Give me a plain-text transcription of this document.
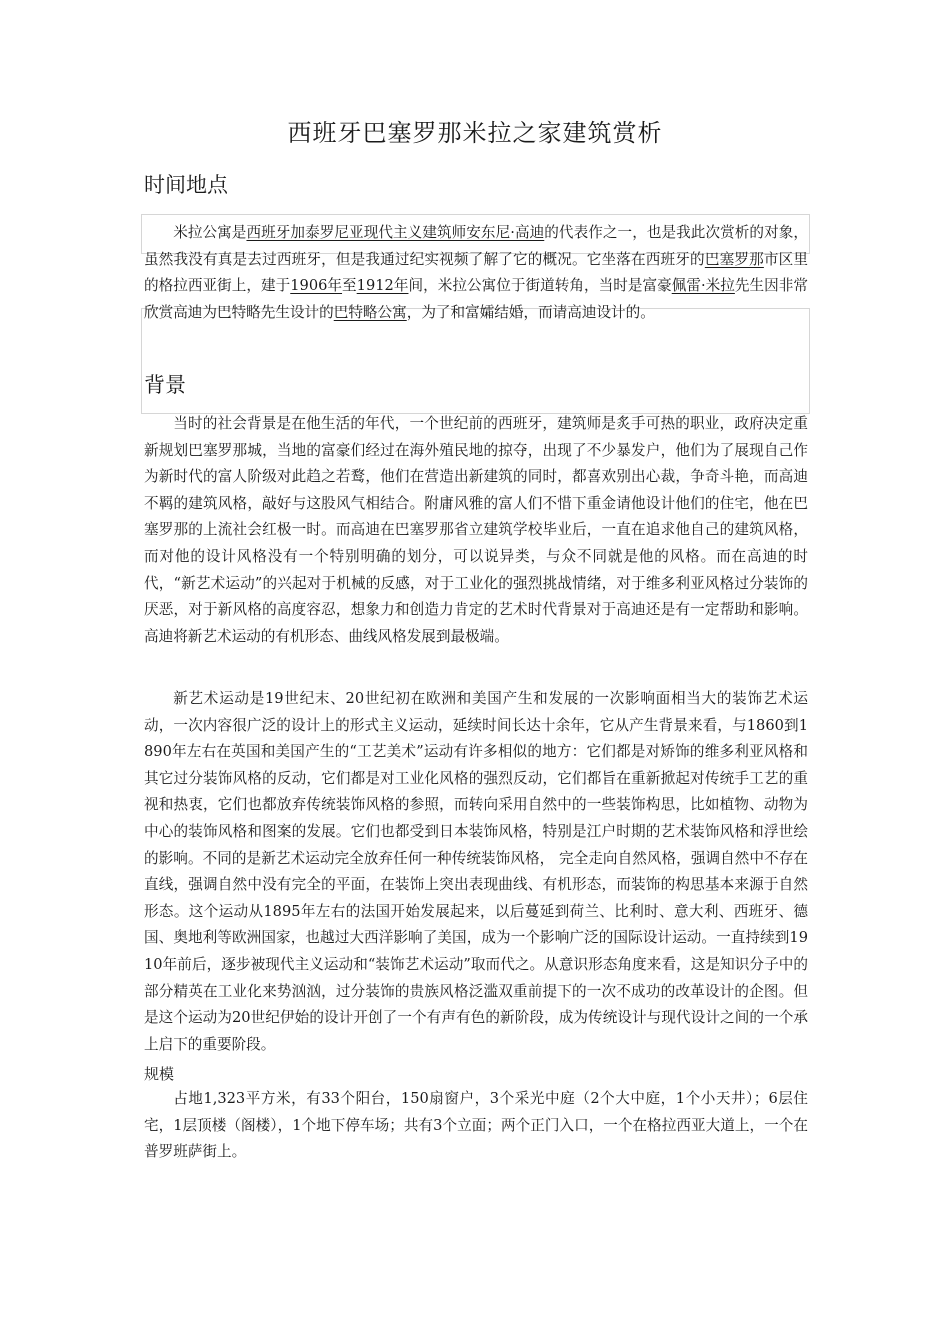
西班牙巴塞罗那米拉之家建筑赏析
时间地点

米拉公寓是西班牙加泰罗尼亚现代主义建筑师安东尼·高迪的代表作之一，也是我此次赏析的对象，虽然我没有真是去过西班牙，但是我通过纪实视频了解了它的概况。它坐落在西班牙的巴塞罗那市区里的格拉西亚街上，建于1906年至1912年间，米拉公寓位于街道转角，当时是富豪佩雷·米拉先生因非常欣赏高迪为巴特略先生设计的巴特略公寓，为了和富孀结婚，而请高迪设计的。

背景

当时的社会背景是在他生活的年代，一个世纪前的西班牙，建筑师是炙手可热的职业，政府决定重新规划巴塞罗那城，当地的富豪们经过在海外殖民地的掠夺，出现了不少暴发户，他们为了展现自己作为新时代的富人阶级对此趋之若鹜，他们在营造出新建筑的同时，都喜欢别出心裁，争奇斗艳，而高迪不羁的建筑风格，敲好与这股风气相结合。附庸风雅的富人们不惜下重金请他设计他们的住宅，他在巴塞罗那的上流社会红极一时。而高迪在巴塞罗那省立建筑学校毕业后，一直在追求他自己的建筑风格，而对他的设计风格没有一个特别明确的划分，可以说异类，与众不同就是他的风格。而在高迪的时代，“新艺术运动”的兴起对于机械的反感，对于工业化的强烈挑战情绪，对于维多利亚风格过分装饰的厌恶，对于新风格的高度容忍，想象力和创造力肯定的艺术时代背景对于高迪还是有一定帮助和影响。高迪将新艺术运动的有机形态、曲线风格发展到最极端。

新艺术运动是19世纪末、20世纪初在欧洲和美国产生和发展的一次影响面相当大的装饰艺术运动，一次内容很广泛的设计上的形式主义运动，延续时间长达十余年，它从产生背景来看，与1860到1890年左右在英国和美国产生的“工艺美术”运动有许多相似的地方：它们都是对矫饰的维多利亚风格和其它过分装饰风格的反动，它们都是对工业化风格的强烈反动，它们都旨在重新掀起对传统手工艺的重视和热衷，它们也都放弃传统装饰风格的参照，而转向采用自然中的一些装饰构思，比如植物、动物为中心的装饰风格和图案的发展。它们也都受到日本装饰风格，特别是江户时期的艺术装饰风格和浮世绘的影响。不同的是新艺术运动完全放弃任何一种传统装饰风格， 完全走向自然风格，强调自然中不存在直线，强调自然中没有完全的平面，在装饰上突出表现曲线、有机形态，而装饰的构思基本来源于自然形态。这个运动从1895年左右的法国开始发展起来，以后蔓延到荷兰、比利时、意大利、西班牙、德国、奥地利等欧洲国家，也越过大西洋影响了美国，成为一个影响广泛的国际设计运动。一直持续到1910年前后，逐步被现代主义运动和“装饰艺术运动”取而代之。从意识形态角度来看，这是知识分子中的部分精英在工业化来势汹汹，过分装饰的贵族风格泛滥双重前提下的一次不成功的改革设计的企图。但是这个运动为20世纪伊始的设计开创了一个有声有色的新阶段，成为传统设计与现代设计之间的一个承上启下的重要阶段。

规模

占地1,323平方米，有33个阳台，150扇窗户，3个采光中庭（2个大中庭，1个小天井）；6层住宅，1层顶楼（阁楼），1个地下停车场；共有3个立面；两个正门入口，一个在格拉西亚大道上，一个在普罗班萨街上。
